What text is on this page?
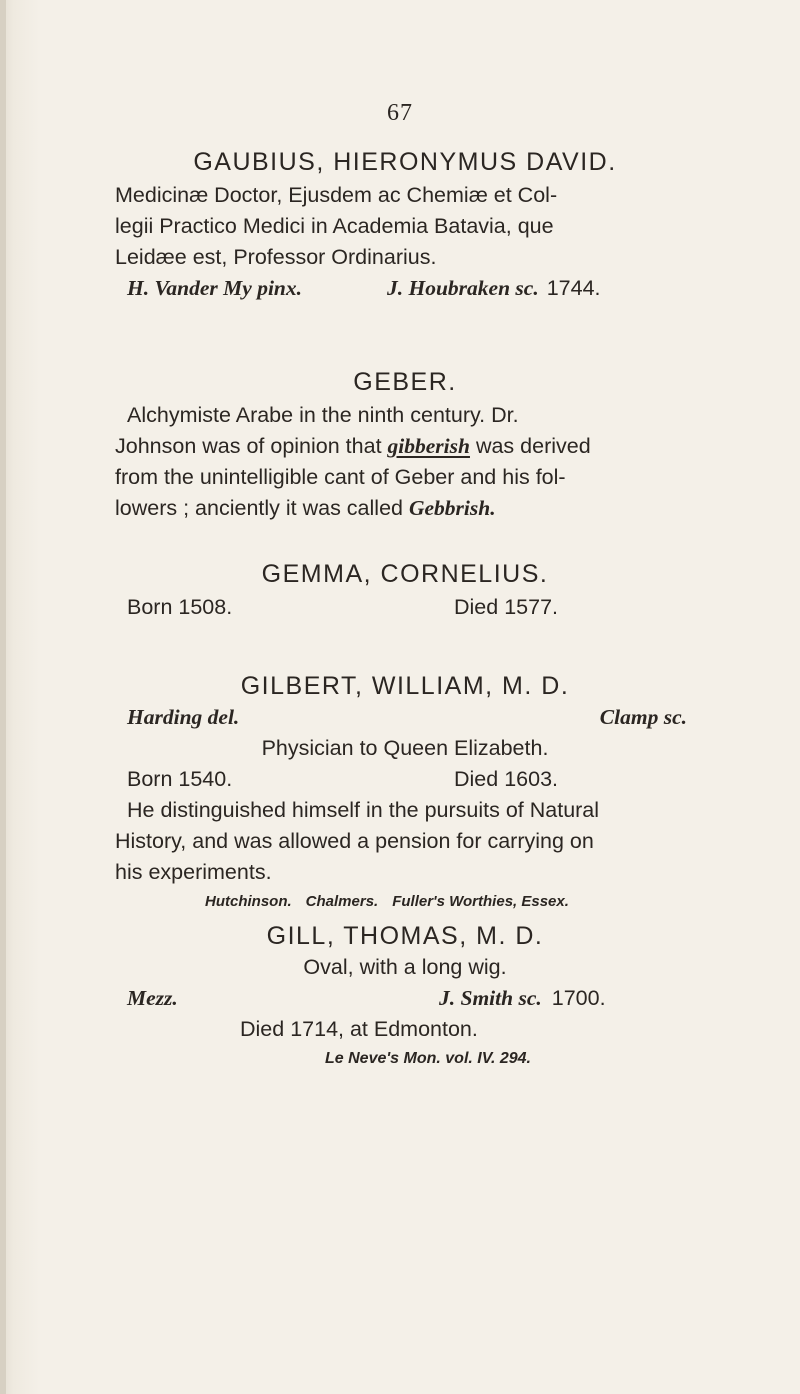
67
GAUBIUS, HIERONYMUS DAVID.
Medicinæ Doctor, Ejusdem ac Chemiæ et Col-
legii Practico Medici in Academia Batavia, que
Leidæe est, Professor Ordinarius.
H. Vander My pinx.	J. Houbraken sc. 1744.
GEBER.
Alchymiste Arabe in the ninth century. Dr.
Johnson was of opinion that gibberish was derived
from the unintelligible cant of Geber and his fol-
lowers ; anciently it was called Gebbrish.
GEMMA, CORNELIUS.
Born 1508.	Died 1577.
GILBERT, WILLIAM, M. D.
Harding del.	Clamp sc.
Physician to Queen Elizabeth.
Born 1540.	Died 1603.
He distinguished himself in the pursuits of Natural
History, and was allowed a pension for carrying on
his experiments.
Hutchinson. Chalmers. Fuller's Worthies, Essex.
GILL, THOMAS, M. D.
Oval, with a long wig.
Mezz.	J. Smith sc. 1700.
Died 1714, at Edmonton.
Le Neve's Mon. vol. IV. 294.
